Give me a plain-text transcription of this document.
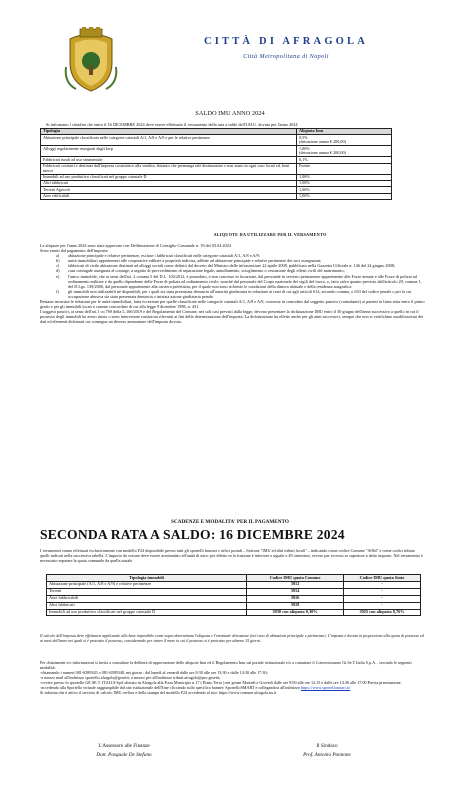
CITTÀ DI AFRAGOLA
Città Metropolitana di Napoli
SALDO IMU ANNO 2024
Si informano i cittadini che entro il 16 DICEMBRE 2024 deve essere effettuato il versamento della rata a saldo dell'I.M.U. dovuta per l'anno 2024
Tipologia	Aliquota Imu
Abitazione principale classificata nelle categorie catastali A/1, A/8 e A/9 e per le relative pertinenze	0,5%
(detrazione annua € 200,00)
Alloggi regolarmente assegnati dagli Iacp	1,06%
(detrazione annua € 200,00)
Fabbricati rurali ad uso strumentale	0,1%
Fabbricati costruiti e destinati dall'impresa costruttrice alla vendita, fintanto che permanga tale destinazione e non siano in ogni caso locati ed. beni merce	Esente
Immobili ad uso produttivo classificati nel gruppo catastale D	1,06%
Altri fabbricati	1,06%
Terreni Agricoli	1,06%
Aree edificabili	1,06%
ALIQUOTE DA UTILIZZARE PER IL VERSAMENTO

Le aliquote per l'anno 2024 sono state approvate con Deliberazione di Consiglio Comunale n. 19 del 03.04.2024

Sono esenti dal pagamento dell'imposta:

a)	abitazione principale e relative pertinenze, escluse i fabbricati classificati nelle categorie catastali A/1, A/8 e A/9;
b)	unità immobiliari appartenenti alle cooperative edilizie a proprietà indivisa, adibite ad abitazione principale e relative pertinenze dei soci assegnatari;
c)	fabbricati di civile abitazione destinati ad alloggi sociali come definiti dal decreto del Ministro delle infrastrutture 22 aprile 2008, pubblicato nella Gazzetta Ufficiale n. 146 del 24 giugno 2008;
d)	casa coniugale assegnata al coniuge, a seguito di provvedimento di separazione legale, annullamento, scioglimento o cessazione degli effetti civili del matrimonio;
e)	l'unico immobile, che ai sensi dell'art. 2 comma 5 del D.L. 102/2012, è posseduto, e non concesso in locazione, dal personale in servizio permanente appartenente alle Forze armate e alle Forze di polizia ad ordinamento militare e da quello dipendente delle Forze di polizia ad ordinamento civile, nonché dal personale del Corpo nazionale dei vigili del fuoco, e, fatto salvo quanto previsto dall'articolo 28, comma 1, del D.Lgs. 139/2000, dal personale appartenente alla carriera prefettizia, per il quale non sono richieste le condizioni della dimora abituale e della residenza anagrafica
f)	gli immobili non utilizzabili né disponibili, per i quali sia stata presentata denuncia all'autorità giudiziaria in relazione ai reati di cui agli articoli 614, secondo comma, o 633 del codice penale o per la cui occupazione abusiva sia stata presentata denuncia o iniziata azione giudiziaria penale.

Restano invariate le riduzioni per le unità immobiliari, fatta eccezione per quelle classificate nelle categorie catastali A/1, A/8 e A/9, concesse in comodato dal soggetto passivo (comodante) ai parenti in linea retta entro il primo grado e per gli immobili locati a canone concordato di cui alla legge 9 dicembre 1998, n. 431.

I soggetti passivi, ai sensi dell'art.1 co.769 della L.160/2019 e del Regolamento del Comune, nei soli casi previsti dalla legge, devono presentare la dichiarazione IMU entro il 30 giugno dell'anno successivo a quello in cui il possesso degli immobili ha avuto inizio o sono intervenute variazioni rilevanti ai fini della determinazione dell'imposta. La dichiarazione ha effetto anche per gli anni successivi, sempre che non si verifichino modificazioni dei dati ed elementi dichiarati cui consegua un diverso ammontare dell'imposta dovuta.

SCADENZE E MODALITA' PER IL PAGAMENTO
SECONDA RATA A SALDO: 16 DICEMBRE 2024
I versamenti vanno effettuati esclusivamente con modello F24 disponibile presso tutti gli sportelli bancari e uffici postali – Sezione "IMU ed altri tributi locali" – indicando come codice Comune "A064" e come codici tributo quelli indicati nella successiva tabella. L'importo da versare deve essere arrotondato all'unità di euro: per difetto se la frazione è inferiore o uguale a 49 centesimi, ovvero per eccesso se superiore a detto importo. Nel versamento è necessario separare la quota comunale da quella statale
Tipologia immobili	Codice IMU quota Comune	Codice IMU quota Stato
Abitazione principale (A/1, A/8 e A/9) e relative pertinenze	3912	-
Terreni	3914	-
Aree fabbricabili	3916	-
Altri fabbricati	3918	-
Immobili ad uso produttivo classificati nel gruppo catastale D	3930 con aliquota 0,30%	3925 con aliquota 0,76%
Il calcolo dell'imposta deve effettuarsi applicando alla base imponibile come sopra determinata l'aliquota e l'eventuale detrazione (nel caso di abitazione principale e pertinenze). L'imposta è dovuta in proporzione alla quota di possesso ed ai mesi dell'anno nei quali si è protratto il possesso, considerando per intero il mese in cui il possesso si è protratto per almeno 15 giorni.
Per chiarimenti e/o informazioni si invita a consultare la delibera di approvazione delle aliquote Imu ed il Regolamento Imu sul portale istituzionale e/o a contattare il Concessionario Gi.Se.T Italia S.p.A. , secondo le seguenti modalità:
-chiamando i numeri 081-6589345 o 081-6589348, nei giorni : dal lunedì al venerdì dalle ore 8:30 alle ore 13:30 e dalle 14:30 alle 17:30;
-a mezzo mail all'indirizzo sportello.afragola@gesetit; a mezzo pec all'indirizzo tributi.afragola@pec.gesetit;
-ovvero presso lo sportello GE.SE.T. ITALIA SpA ubicato in Afragola alla P.zza Municipio n.17 ( Piano Terra ) nei giorni Martedì e Giovedì dalle ore 9:00 alle ore 12:15 e dalle ore 14:30 alle 17:00 Previa prenotazione.
-accedendo alla Sportello virtuale raggiungibile dal sito istituzionale dell'Ente cliccando sullo specifico banner: SportelloSMART e collegandosi all'indirizzo https://www.sportellosmart.it/
Si informa che è attivo il servizio di calcolo IMU on-line e della stampa del modello F24 accedendo al sito: https://www.comune.afragola.na.it
L'Assessore alle Finanze
Dott. Pasquale De Stefano
Il Sindaco
Prof. Antonio Pannone
